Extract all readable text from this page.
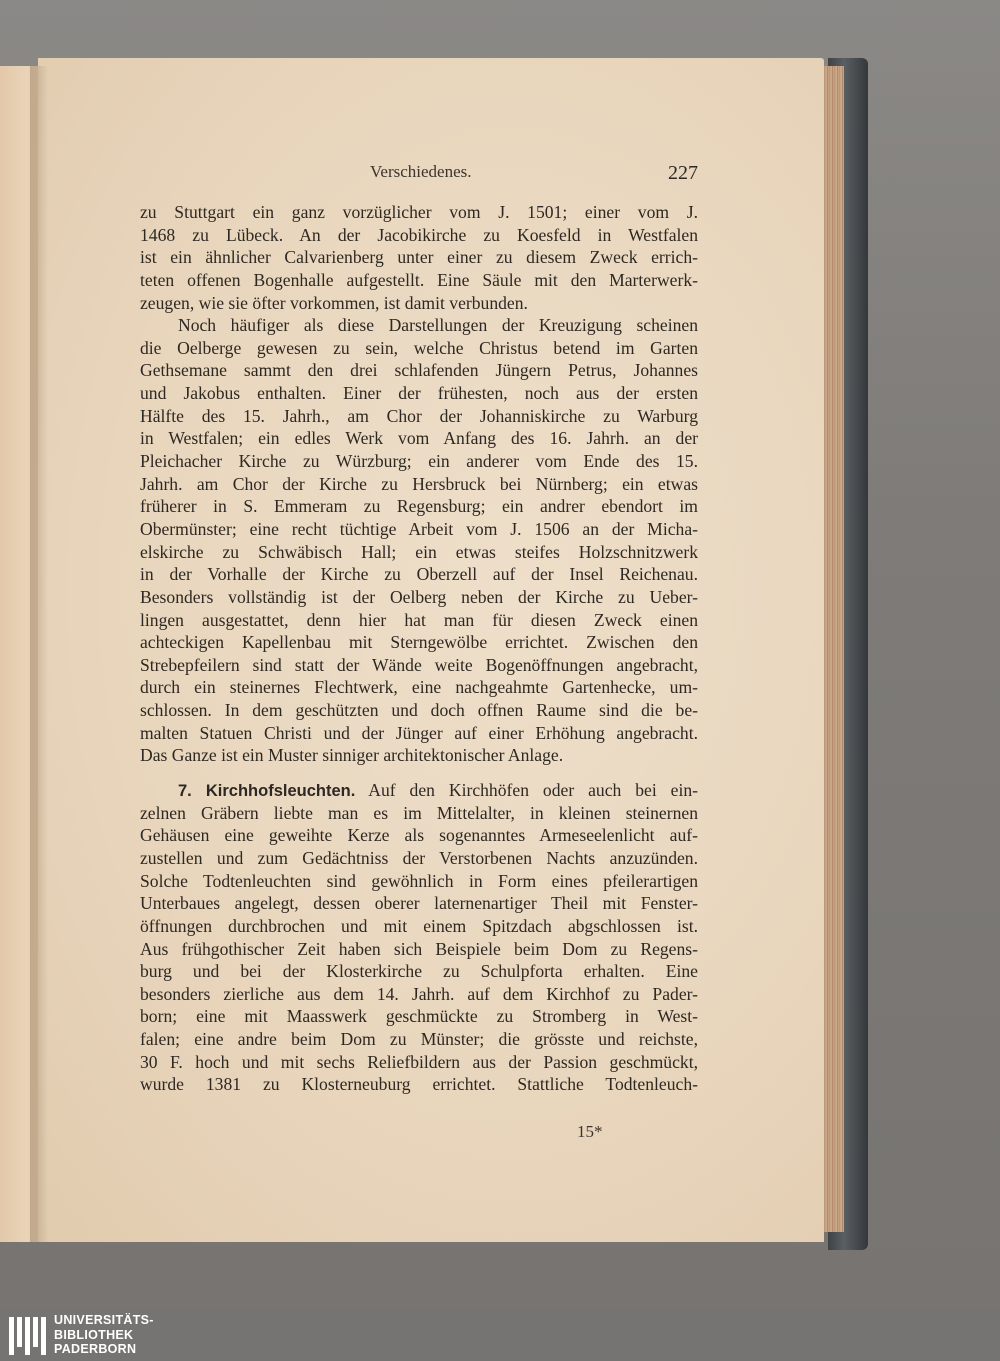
Verschiedenes.	227
zu Stuttgart ein ganz vorzüglicher vom J. 1501; einer vom J.
1468 zu Lübeck. An der Jacobikirche zu Koesfeld in Westfalen
ist ein ähnlicher Calvarienberg unter einer zu diesem Zweck errich-
teten offenen Bogenhalle aufgestellt. Eine Säule mit den Marterwerk-
zeugen, wie sie öfter vorkommen, ist damit verbunden.
Noch häufiger als diese Darstellungen der Kreuzigung scheinen
die Oelberge gewesen zu sein, welche Christus betend im Garten
Gethsemane sammt den drei schlafenden Jüngern Petrus, Johannes
und Jakobus enthalten. Einer der frühesten, noch aus der ersten
Hälfte des 15. Jahrh., am Chor der Johanniskirche zu Warburg
in Westfalen; ein edles Werk vom Anfang des 16. Jahrh. an der
Pleichacher Kirche zu Würzburg; ein anderer vom Ende des 15.
Jahrh. am Chor der Kirche zu Hersbruck bei Nürnberg; ein etwas
früherer in S. Emmeram zu Regensburg; ein andrer ebendort im
Obermünster; eine recht tüchtige Arbeit vom J. 1506 an der Micha-
elskirche zu Schwäbisch Hall; ein etwas steifes Holzschnitzwerk
in der Vorhalle der Kirche zu Oberzell auf der Insel Reichenau.
Besonders vollständig ist der Oelberg neben der Kirche zu Ueber-
lingen ausgestattet, denn hier hat man für diesen Zweck einen
achteckigen Kapellenbau mit Sterngewölbe errichtet. Zwischen den
Strebepfeilern sind statt der Wände weite Bogenöffnungen angebracht,
durch ein steinernes Flechtwerk, eine nachgeahmte Gartenhecke, um-
schlossen. In dem geschützten und doch offnen Raume sind die be-
malten Statuen Christi und der Jünger auf einer Erhöhung angebracht.
Das Ganze ist ein Muster sinniger architektonischer Anlage.
7. Kirchhofsleuchten. Auf den Kirchhöfen oder auch bei ein-
zelnen Gräbern liebte man es im Mittelalter, in kleinen steinernen
Gehäusen eine geweihte Kerze als sogenanntes Armeseelenlicht auf-
zustellen und zum Gedächtniss der Verstorbenen Nachts anzuzünden.
Solche Todtenleuchten sind gewöhnlich in Form eines pfeilerartigen
Unterbaues angelegt, dessen oberer laternenartiger Theil mit Fenster-
öffnungen durchbrochen und mit einem Spitzdach abgschlossen ist.
Aus frühgothischer Zeit haben sich Beispiele beim Dom zu Regens-
burg und bei der Klosterkirche zu Schulpforta erhalten. Eine
besonders zierliche aus dem 14. Jahrh. auf dem Kirchhof zu Pader-
born; eine mit Maasswerk geschmückte zu Stromberg in West-
falen; eine andre beim Dom zu Münster; die grösste und reichste,
30 F. hoch und mit sechs Reliefbildern aus der Passion geschmückt,
wurde 1381 zu Klosterneuburg errichtet. Stattliche Todtenleuch-
15*
UNIVERSITÄTS-
BIBLIOTHEK
PADERBORN
